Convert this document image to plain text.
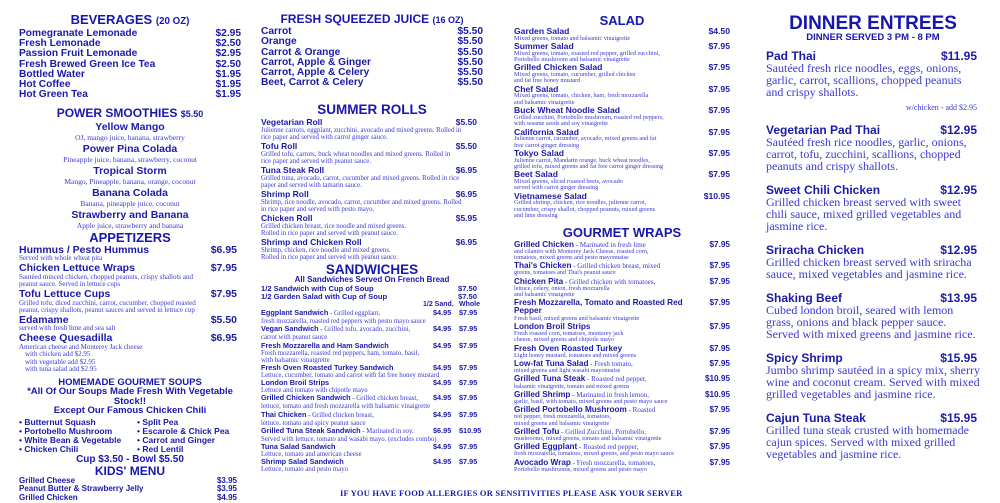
BEVERAGES (20 OZ)
Pomegranate Lemonade	$2.95
Fresh Lemonade	$2.50
Passion Fruit Lemonade	$2.95
Fresh Brewed Green Ice Tea	$2.50
Bottled Water	$1.95
Hot Coffee	$1.95
Hot Green Tea	$1.95
POWER SMOOTHIES $5.50
Yellow Mango
OJ, mango juice, banana, strawberry
Power Pina Colada
Pineapple juice, banana, strawberry, coconut
Tropical Storm
Mango, Pineapple, banana, orange, coconut
Banana Colada
Banana, pineapple juice, coconut
Strawberry and Banana
Apple juice, strawberry and banana
APPETIZERS
Hummus / Pesto Hummus	$6.95
Served with whole wheat pita
Chicken Lettuce Wraps	$7.95
Sautéed minced chicken, chopped peanuts, crispy shallots and
peanut sauce. Served in lettuce cups
Tofu Lettuce Cups	$7.95
Grilled tofu, diced zucchini, carrot, cucumber, chopped roasted
peanut, crispy shallots, peanut sauces and served in lettuce cup
Edamame	$5.50
served with fresh lime and sea salt
Cheese Quesadilla	$6.95
American cheese and Monterey Jack cheese
with chicken add $2.95
with vegetable add $2.95
with tuna salad add $2.95
HOMEMADE GOURMET SOUPS
*All Of Our Soups Made Fresh With Vegetable Stock!!
Except Our Famous Chicken Chili
• Butternut Squash	• Split Pea
• Portobello Mushroom	• Escarole & Chick Pea
• White Bean & Vegetable	• Carrot and Ginger
• Chicken Chili	• Red Lentil
Cup $3.50 - Bowl $5.50
KIDS' MENU
Grilled Cheese	$3.95
Peanut Butter & Strawberry Jelly	$3.95
Grilled Chicken	$4.95
FRESH SQUEEZED JUICE (16 OZ)
Carrot	$5.50
Orange	$5.50
Carrot & Orange	$5.50
Carrot, Apple & Ginger	$5.50
Carrot, Apple & Celery	$5.50
Beet, Carrot & Celery	$5.50
SUMMER ROLLS
Vegetarian Roll	$5.50
Julienne carrots, eggplant, zucchini, avocado and mixed greens. Rolled in
rice paper and served with carrot ginger sauce.
Tofu Roll	$5.50
Grilled tofu, carrots, buck wheat noodles and mixed greens. Rolled in
rice paper and served with peanut sauce.
Tuna Steak Roll	$6.95
Grilled tuna, avocado, carrot, cucumber and mixed greens. Rolled in rice
paper and served with tamarin sauce.
Shrimp Roll	$6.95
Shrimp, rice noodle, avocado, carrot, cucumber and mixed greens. Rolled
in rice paper and served with pesto mayo.
Chicken Roll	$5.95
Grilled chicken breast, rice noodle and mixed greens.
Rolled in rice paper and served with peanut sauce.
Shrimp and Chicken Roll	$6.95
Shrimp, chicken, rice noodle and mixed greens.
Rolled in rice paper and served with peanut sauce.
SANDWICHES
All Sandwiches Served On French Bread
1/2 Sandwich with Cup of Soup	$7.50
1/2 Garden Salad with Cup of Soup	$7.50
1/2 Sand. Whole
Eggplant Sandwich - Grilled eggplant,	$4.95 $7.95
fresh mozzarella, roasted red peppers with pesto mayo sauce
Vegan Sandwich - Grilled tofu, avocado, zucchini,	$4.95 $7.95
carrot with peanut sauce
Fresh Mozzarella and Ham Sandwich	$4.95 $7.95
Fresh mozzarella, roasted red peppers, ham, tomato, basil,
with balsamic vinaigrette
Fresh Oven Roasted Turkey Sandwich	$4.95 $7.95
Lettuce, cucumber, tomato and carrot with fat free honey mustard
London Broil Strips	$4.95 $7.95
Lettuce and tomato with chipotle mayo
Grilled Chicken Sandwich - Grilled chicken breast,	$4.95 $7.95
lettuce, tomato and fresh mozzarella with balsamic vinaigrette
Thai Chicken - Grilled chicken breast,	$4.95 $7.95
lettuce, tomato and spicy peanut sauce
Grilled Tuna Steak Sandwich - Marinated in soy.	$6.95 $10.95
Served with lettuce, tomato and wasabi mayo. (excludes combo)
Tuna Salad Sandwich	$4.95 $7.95
Lettuce, tomato and american cheese
Shrimp Salad Sandwich	$4.95 $7.95
Lettuce, tomato and pesto mayo
SALAD
Garden Salad	$4.50
Mixed greens, tomato and balsamic vinaigrette
Summer Salad	$7.95
Mixed greens, tomato, roasted red pepper, grilled zucchini,
Portobello mushroom and balsamic vinaigrette
Grilled Chicken Salad	$7.95
Mixed greens, tomato, cucumber, grilled chicken
and fat free honey mustard
Chef Salad	$7.95
Mixed greens, tomato, chicken, ham, fresh mozzarella
and balsamic vinaigrette
Buck Wheat Noodle Salad	$7.95
Grilled zucchini, Portobello mushroom, roasted red peppers,
with sesame seeds and soy vinaigrette
California Salad	$7.95
Julienne carrot, cucumber, avocado, mixed greens and fat
free carrot ginger dressing
Tokyo Salad	$7.95
Julienne carrot, Mandarin orange, buck wheat noodles,
grilled tofu, mixed greens and fat free carrot ginger dressing
Beet Salad	$7.95
Mixed greens, sliced roasted beets, avocado
served with carrot ginger dressing
Vietnamese Salad	$10.95
Grilled shrimp, chicken, rice noodles, julienne carrot,
cucumber, crispy shallot, chopped peanuts, mixed greens
and lime dressing
GOURMET WRAPS
Grilled Chicken - Marinated in fresh lime	$7.95
and cilantro with Monterey Jack Cheese, roasted corn,
tomatoes, mixed greens and pesto mayonnaise
Thai's Chicken - Grilled chicken breast, mixed	$7.95
greens, tomatoes and Thai's peanut sauce
Chicken Pita - Grilled chicken with tomatoes,	$7.95
lettuce, celery, onion, fresh mozzarella
and balsamic vinaigrette
Fresh Mozzarella, Tomato and Roasted Red Pepper
$7.95
Fresh basil, mixed greens and balsamic vinaigrette
London Broil Strips	$7.95
Fresh roasted corn, tomatoes, monterey jack
cheese, mixed greens and chipotle mayo
Fresh Oven Roasted Turkey	$7.95
Light honey mustard, tomatoes and mixed greens
Low-fat Tuna Salad - Fresh tomato,	$7.95
mixed greens and light wasabi mayonnaise
Grilled Tuna Steak - Roasted red pepper,	$10.95
balsamic vinaigrette, tomato and mixed greens
Grilled Shrimp - Marinated in fresh lemon,	$10.95
garlic, basil, with tomato, mixed greens and pesto mayo sauce
Grilled Portobello Mushroom - Roasted	$7.95
red pepper, fresh mozzarella, tomatoes,
mixed greens and balsamic vinaigrette
Grilled Tofu - Grilled Zucchini, Portobello,	$7.95
mushrooms, mixed greens, tomato and balsamic vinaigrette
Grilled Eggplant - Roasted red pepper,	$7.95
fresh mozzarella, tomatoes, mixed greens, and pesto mayo sauce
Avocado Wrap - Fresh mozzarella, tomatoes,	$7.95
Portobello mushrooms, mixed greens and pesto mayo
DINNER ENTREES
DINNER SERVED 3 PM - 8 PM
Pad Thai	$11.95
Sautéed fresh rice noodles, eggs, onions, garlic, carrot, scallions, chopped peanuts and crispy shallots.
w/chicken - add $2.95
Vegetarian Pad Thai	$12.95
Sautéed fresh rice noodles, garlic, onions, carrot, tofu, zucchini, scallions, chopped peanuts and crispy shallots.
Sweet Chili Chicken	$12.95
Grilled chicken breast served with sweet chili sauce, mixed grilled vegetables and jasmine rice.
Sriracha Chicken	$12.95
Grilled chicken breast served with sriracha sauce, mixed vegetables and jasmine rice.
Shaking Beef	$13.95
Cubed london broil, seared with lemon grass, onions and black pepper sauce. Served with mixed greens and jasmine rice.
Spicy Shrimp	$15.95
Jumbo shrimp sautéed in a spicy mix, sherry wine and coconut cream. Served with mixed grilled vegetables and jasmine rice.
Cajun Tuna Steak	$15.95
Grilled tuna steak crusted with homemade cajun spices. Served with mixed grilled vegetables and jasmine rice.
IF YOU HAVE FOOD ALLERGIES OR SENSITIVITIES PLEASE ASK YOUR SERVER
